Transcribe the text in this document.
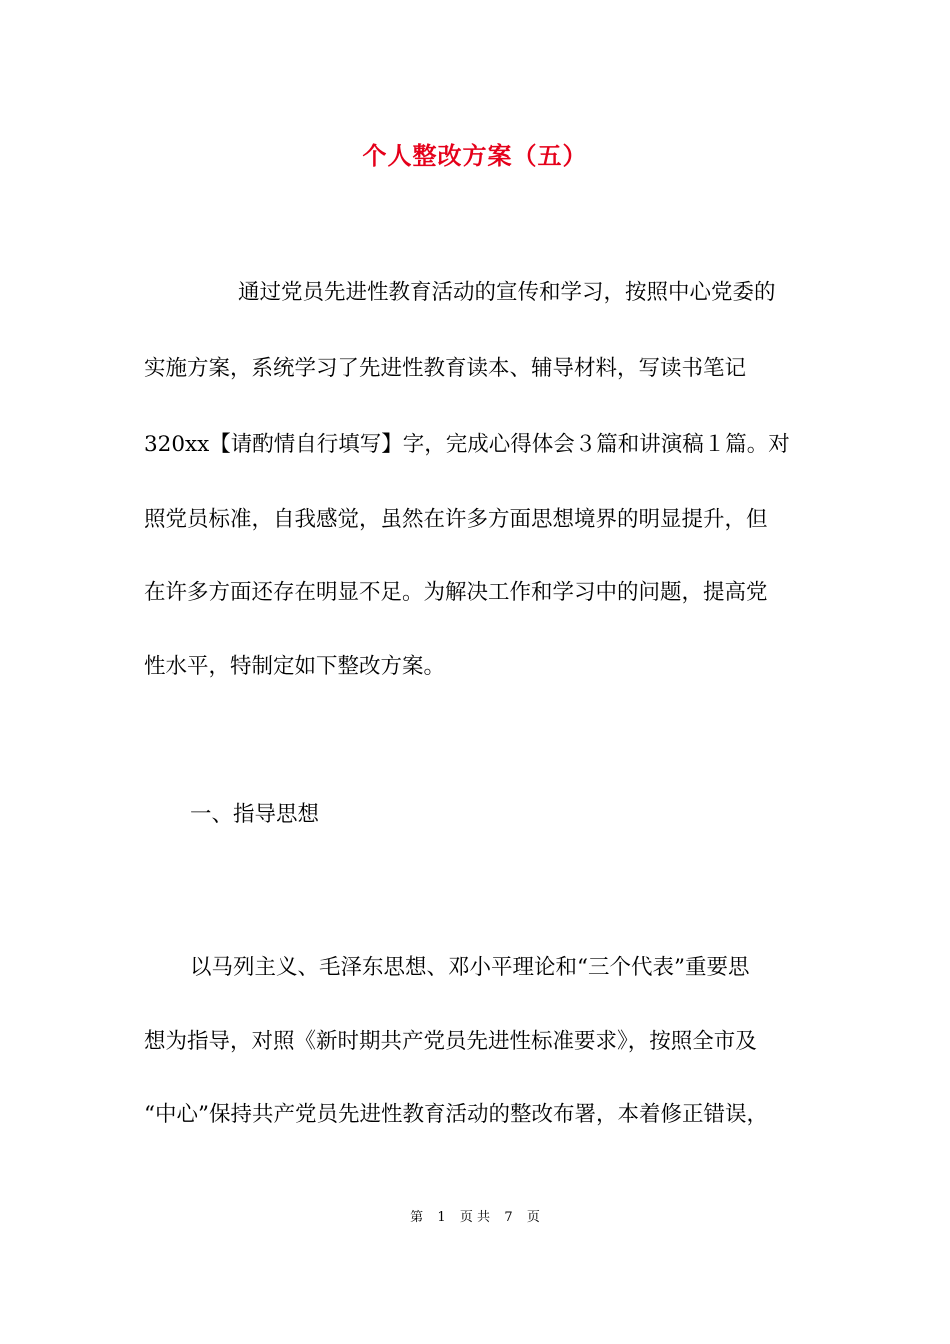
个人整改方案（五）
通过党员先进性教育活动的宣传和学习，按照中心党委的
实施方案，系统学习了先进性教育读本、辅导材料，写读书笔记
320xx【请酌情自行填写】字，完成心得体会３篇和讲演稿１篇。对
照党员标准，自我感觉，虽然在许多方面思想境界的明显提升，但
在许多方面还存在明显不足。为解决工作和学习中的问题，提高党
性水平，特制定如下整改方案。
一、指导思想
以马列主义、毛泽东思想、邓小平理论和“三个代表”重要思
想为指导，对照《新时期共产党员先进性标准要求》，按照全市及
“中心”保持共产党员先进性教育活动的整改布署，本着修正错误，
第 1 页 共 7 页
